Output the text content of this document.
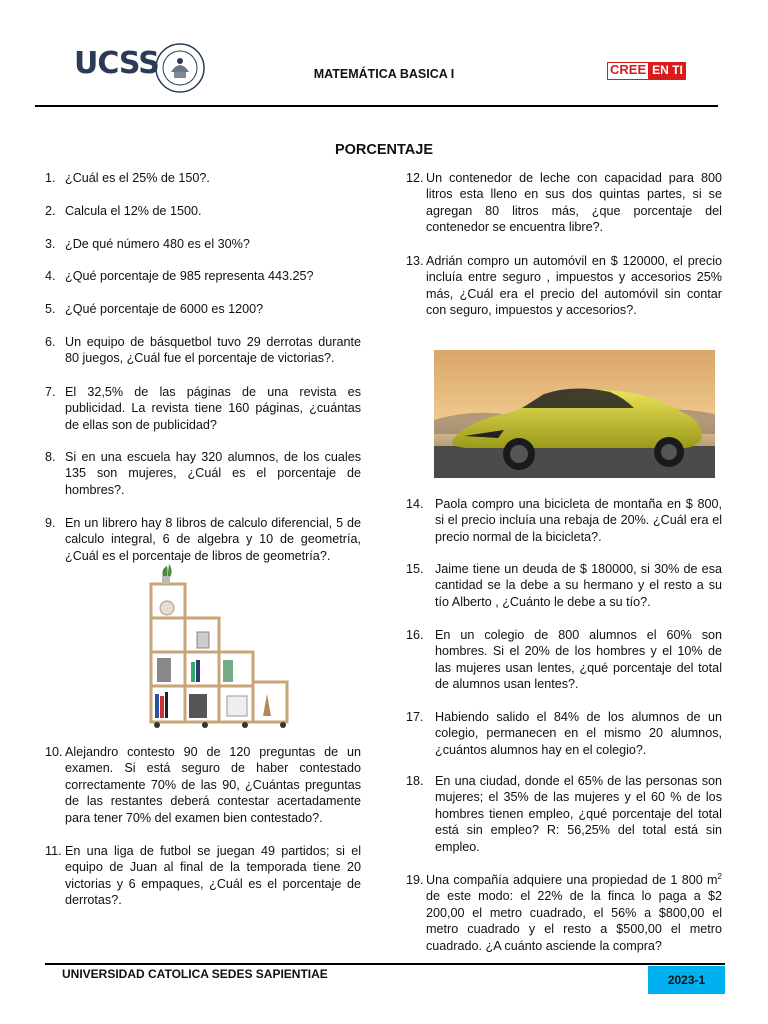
UCSS	MATEMÁTICA BASICA I	CREE EN TI
PORCENTAJE
1. ¿Cuál es el 25% de 150?.
2. Calcula el 12% de 1500.
3. ¿De qué número 480 es el 30%?
4. ¿Qué porcentaje de 985 representa 443.25?
5. ¿Qué porcentaje de 6000 es 1200?
6. Un equipo de básquetbol tuvo 29 derrotas durante 80 juegos, ¿Cuál fue el porcentaje de victorias?.
7. El 32,5% de las páginas de una revista es publicidad. La revista tiene 160 páginas, ¿cuántas de ellas son de publicidad?
8. Si en una escuela hay 320 alumnos, de los cuales 135 son mujeres, ¿Cuál es el porcentaje de hombres?.
9. En un librero hay 8 libros de calculo diferencial, 5 de calculo integral, 6 de algebra y 10 de geometría, ¿Cuál es el porcentaje de libros de geometría?.
10. Alejandro contesto 90 de 120 preguntas de un examen. Si está seguro de haber contestado correctamente 70% de las 90, ¿Cuántas preguntas de las restantes deberá contestar acertadamente para tener 70% del examen bien contestado?.
11. En una liga de futbol se juegan 49 partidos; si el equipo de Juan al final de la temporada tiene 20 victorias y 6 empaques, ¿Cuál es el porcentaje de derrotas?.
12. Un contenedor de leche con capacidad para 800 litros esta lleno en sus dos quintas partes, si se agregan 80 litros más, ¿que porcentaje del contenedor se encuentra libre?.
13. Adrián compro un automóvil en $ 120000, el precio incluía entre seguro , impuestos y accesorios 25% más, ¿Cuál era el precio del automóvil sin contar con seguro, impuestos y accesorios?.
14. Paola compro una bicicleta de montaña en $ 800, si el precio incluía una rebaja de 20%. ¿Cuál era el precio normal de la bicicleta?.
15. Jaime tiene un deuda de $ 180000, si 30% de esa cantidad se la debe a su hermano y el resto a su tío Alberto , ¿Cuánto le debe a su tío?.
16. En un colegio de 800 alumnos el 60% son hombres. Si el 20% de los hombres y el 10% de las mujeres usan lentes, ¿qué porcentaje del total de alumnos usan lentes?.
17. Habiendo salido el 84% de los alumnos de un colegio, permanecen en el mismo 20 alumnos, ¿cuántos alumnos hay en el colegio?.
18. En una ciudad, donde el 65% de las personas son mujeres; el 35% de las mujeres y el 60 % de los hombres tienen empleo, ¿qué porcentaje del total está sin empleo? R: 56,25% del total está sin empleo.
19. Una compañía adquiere una propiedad de 1 800 $m^2$ de este modo: el 22% de la finca lo paga a $2 200,00 el metro cuadrado, el 56% a $800,00 el metro cuadrado y el resto a $500,00 el metro cuadrado. ¿A cuánto asciende la compra?
UNIVERSIDAD CATOLICA SEDES SAPIENTIAE	2023-1
